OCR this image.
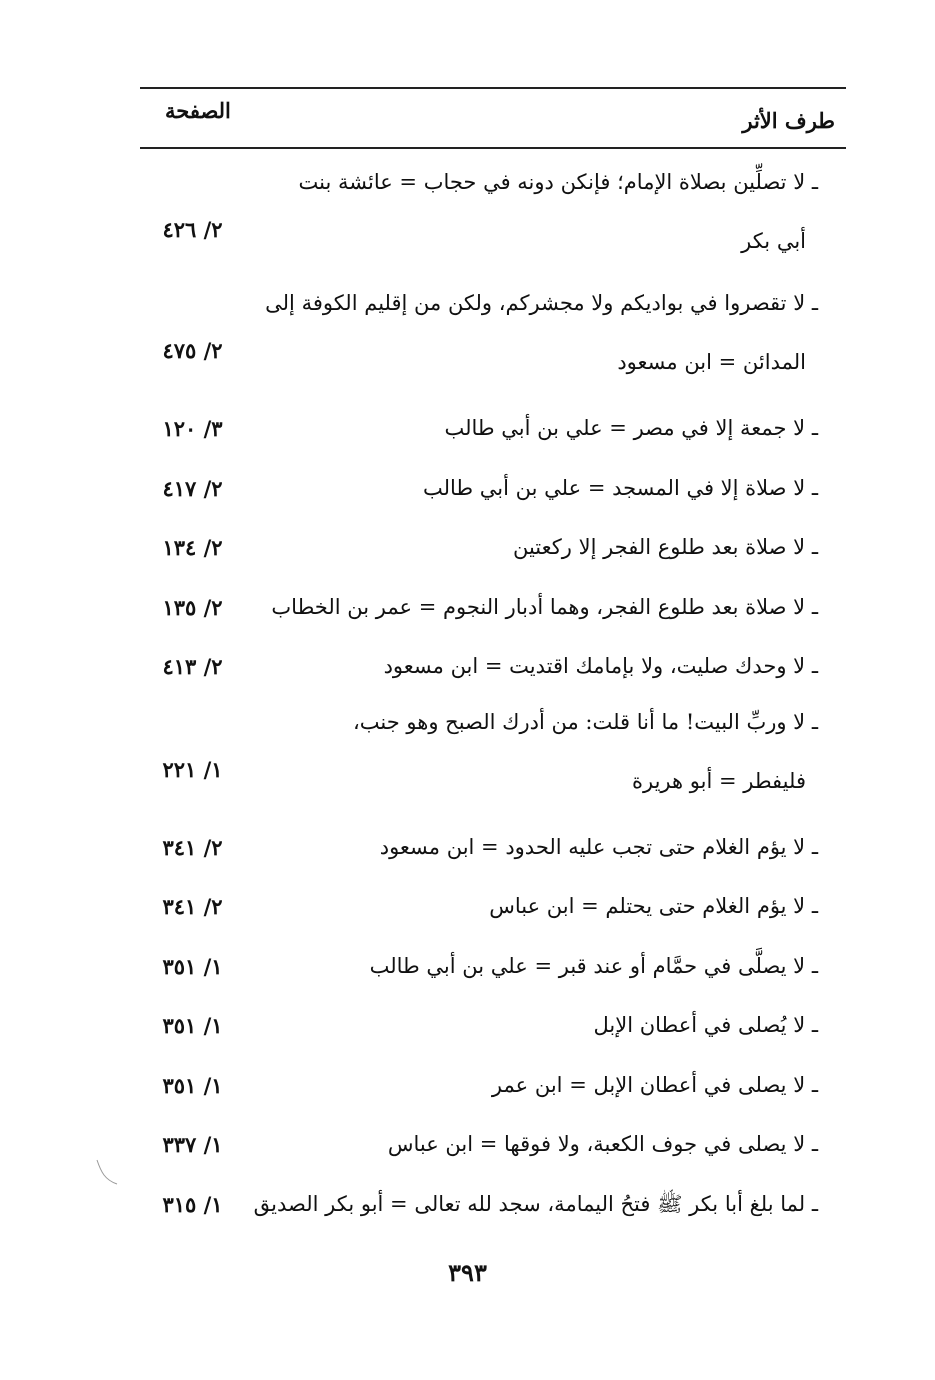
طرف الأثر
الصفحة
ـ لا تصلِّين بصلاة الإمام؛ فإنكن دونه في حجاب = عائشة بنت
أبي بكر
٢/ ٤٢٦
ـ لا تقصروا في بواديكم ولا مجشركم، ولكن من إقليم الكوفة إلى
المدائن = ابن مسعود
٢/ ٤٧٥
ـ لا جمعة إلا في مصر = علي بن أبي طالب
٣/ ١٢٠
ـ لا صلاة إلا في المسجد = علي بن أبي طالب
٢/ ٤١٧
ـ لا صلاة بعد طلوع الفجر إلا ركعتين
٢/ ١٣٤
ـ لا صلاة بعد طلوع الفجر، وهما أدبار النجوم = عمر بن الخطاب
٢/ ١٣٥
ـ لا وحدك صليت، ولا بإمامك اقتديت = ابن مسعود
٢/ ٤١٣
ـ لا وربِّ البيت! ما أنا قلت: من أدرك الصبح وهو جنب،
فليفطر = أبو هريرة
١/ ٢٢١
ـ لا يؤم الغلام حتى تجب عليه الحدود = ابن مسعود
٢/ ٣٤١
ـ لا يؤم الغلام حتى يحتلم = ابن عباس
٢/ ٣٤١
ـ لا يصلَّى في حمَّام أو عند قبر = علي بن أبي طالب
١/ ٣٥١
ـ لا يُصلى في أعطان الإبل
١/ ٣٥١
ـ لا يصلى في أعطان الإبل = ابن عمر
١/ ٣٥١
ـ لا يصلى في جوف الكعبة، ولا فوقها = ابن عباس
١/ ٣٣٧
ـ لما بلغ أبا بكر ﷺ فتحُ اليمامة، سجد لله تعالى = أبو بكر الصديق
١/ ٣١٥
٣٩٣
